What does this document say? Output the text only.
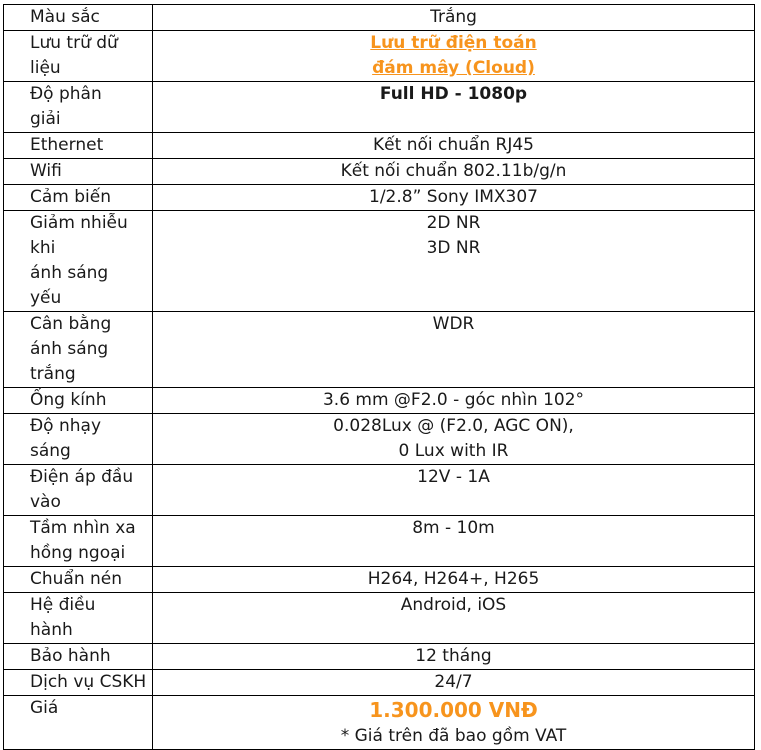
Màu sắc	Trắng

Lưu trữ dữ
liệu	Lưu trữ điện toán
đám mây (Cloud)

Độ phân
giải	Full HD - 1080p

Ethernet	Kết nối chuẩn RJ45

Wifi	Kết nối chuẩn 802.11b/g/n

Cảm biến	1/2.8” Sony IMX307

Giảm nhiễu
khi
ánh sáng
yếu	2D NR
3D NR

Cân bằng
ánh sáng trắng	WDR

Ống kính	3.6 mm @F2.0 - góc nhìn 102°

Độ nhạy
sáng	0.028Lux @ (F2.0, AGC ON),
0 Lux with IR

Điện áp đầu
vào	12V - 1A

Tầm nhìn xa
hồng ngoại	8m - 10m

Chuẩn nén	H264, H264+, H265

Hệ điều
hành	Android, iOS

Bảo hành	12 tháng

Dịch vụ CSKH	24/7

Giá	1.300.000 VNĐ
* Giá trên đã bao gồm VAT
